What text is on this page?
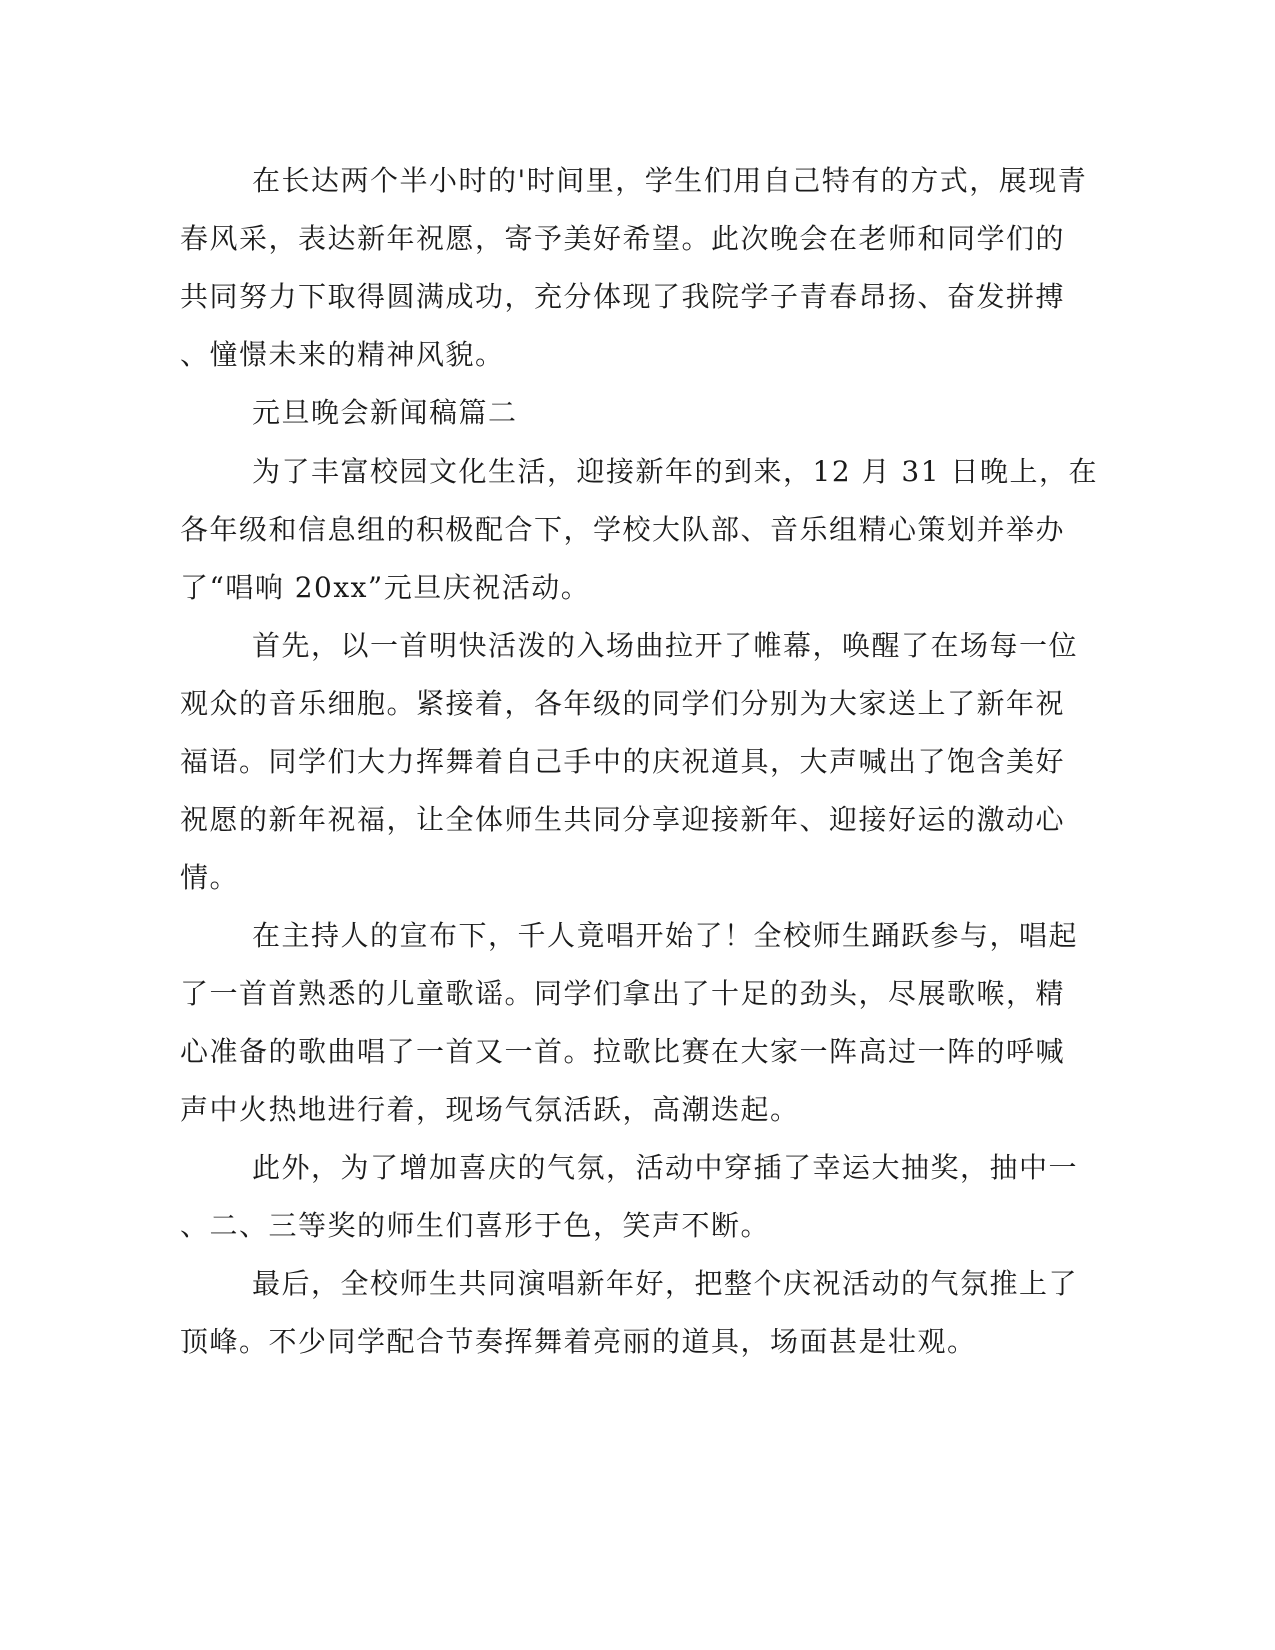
在长达两个半小时的'时间里，学生们用自己特有的方式，展现青

春风采，表达新年祝愿，寄予美好希望。此次晚会在老师和同学们的

共同努力下取得圆满成功，充分体现了我院学子青春昂扬、奋发拼搏

、憧憬未来的精神风貌。

元旦晚会新闻稿篇二

为了丰富校园文化生活，迎接新年的到来，12 月 31 日晚上，在

各年级和信息组的积极配合下，学校大队部、音乐组精心策划并举办

了“唱响 20xx”元旦庆祝活动。

首先，以一首明快活泼的入场曲拉开了帷幕，唤醒了在场每一位

观众的音乐细胞。紧接着，各年级的同学们分别为大家送上了新年祝

福语。同学们大力挥舞着自己手中的庆祝道具，大声喊出了饱含美好

祝愿的新年祝福，让全体师生共同分享迎接新年、迎接好运的激动心

情。

在主持人的宣布下，千人竟唱开始了！全校师生踊跃参与，唱起

了一首首熟悉的儿童歌谣。同学们拿出了十足的劲头，尽展歌喉，精

心准备的歌曲唱了一首又一首。拉歌比赛在大家一阵高过一阵的呼喊

声中火热地进行着，现场气氛活跃，高潮迭起。

此外，为了增加喜庆的气氛，活动中穿插了幸运大抽奖，抽中一

、二、三等奖的师生们喜形于色，笑声不断。

最后，全校师生共同演唱新年好，把整个庆祝活动的气氛推上了

顶峰。不少同学配合节奏挥舞着亮丽的道具，场面甚是壮观。
